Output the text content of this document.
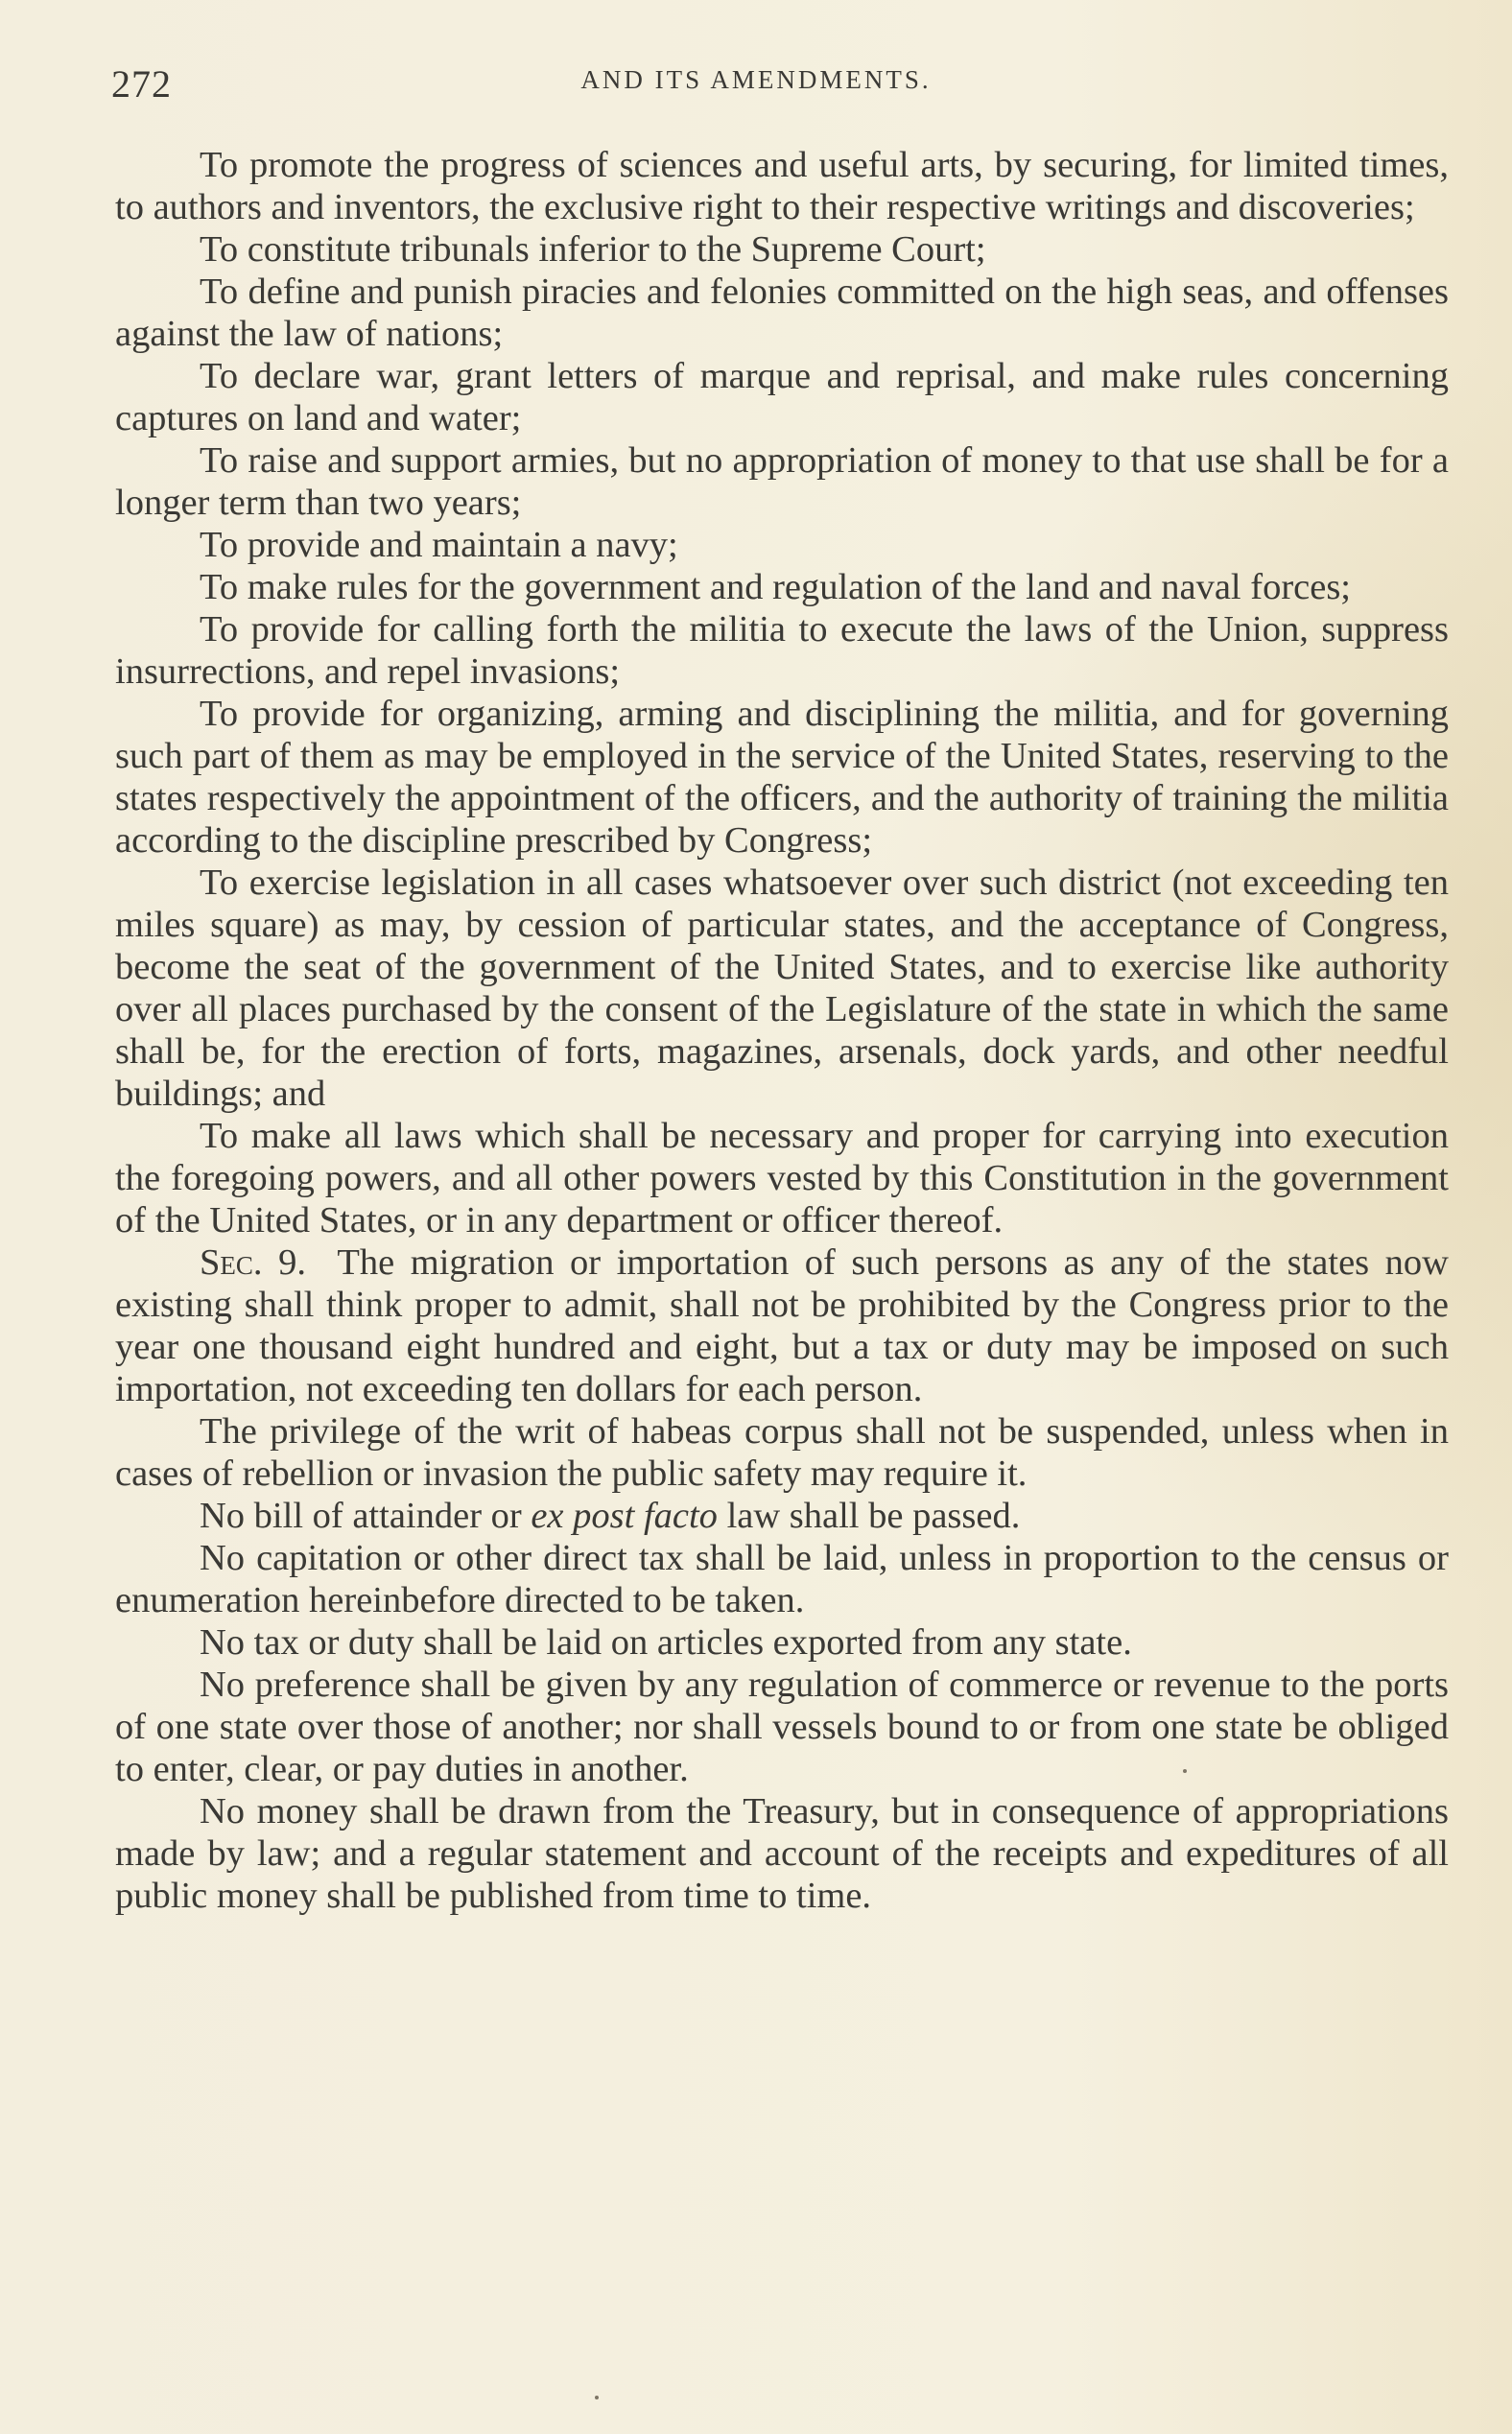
272	AND ITS AMENDMENTS.

To promote the progress of sciences and useful arts, by securing, for limited times, to authors and inventors, the exclusive right to their respective writings and discoveries;

To constitute tribunals inferior to the Supreme Court;

To define and punish piracies and felonies committed on the high seas, and offenses against the law of nations;

To declare war, grant letters of marque and reprisal, and make rules concerning captures on land and water;

To raise and support armies, but no appropriation of money to that use shall be for a longer term than two years;

To provide and maintain a navy;

To make rules for the government and regulation of the land and naval forces;

To provide for calling forth the militia to execute the laws of the Union, suppress insurrections, and repel invasions;

To provide for organizing, arming and disciplining the militia, and for governing such part of them as may be employed in the service of the United States, reserving to the states respectively the appointment of the officers, and the authority of training the militia according to the discipline prescribed by Congress;

To exercise legislation in all cases whatsoever over such district (not exceeding ten miles square) as may, by cession of particular states, and the acceptance of Congress, become the seat of the government of the United States, and to exercise like authority over all places purchased by the consent of the Legislature of the state in which the same shall be, for the erection of forts, magazines, arsenals, dock yards, and other needful buildings; and

To make all laws which shall be necessary and proper for carrying into execution the foregoing powers, and all other powers vested by this Constitution in the government of the United States, or in any department or officer thereof.

Sec. 9. The migration or importation of such persons as any of the states now existing shall think proper to admit, shall not be prohibited by the Congress prior to the year one thousand eight hundred and eight, but a tax or duty may be imposed on such importation, not exceeding ten dollars for each person.

The privilege of the writ of habeas corpus shall not be suspended, unless when in cases of rebellion or invasion the public safety may require it.

No bill of attainder or ex post facto law shall be passed.

No capitation or other direct tax shall be laid, unless in proportion to the census or enumeration hereinbefore directed to be taken.

No tax or duty shall be laid on articles exported from any state.

No preference shall be given by any regulation of commerce or revenue to the ports of one state over those of another; nor shall vessels bound to or from one state be obliged to enter, clear, or pay duties in another.

No money shall be drawn from the Treasury, but in consequence of appropriations made by law; and a regular statement and account of the receipts and expeditures of all public money shall be published from time to time.
